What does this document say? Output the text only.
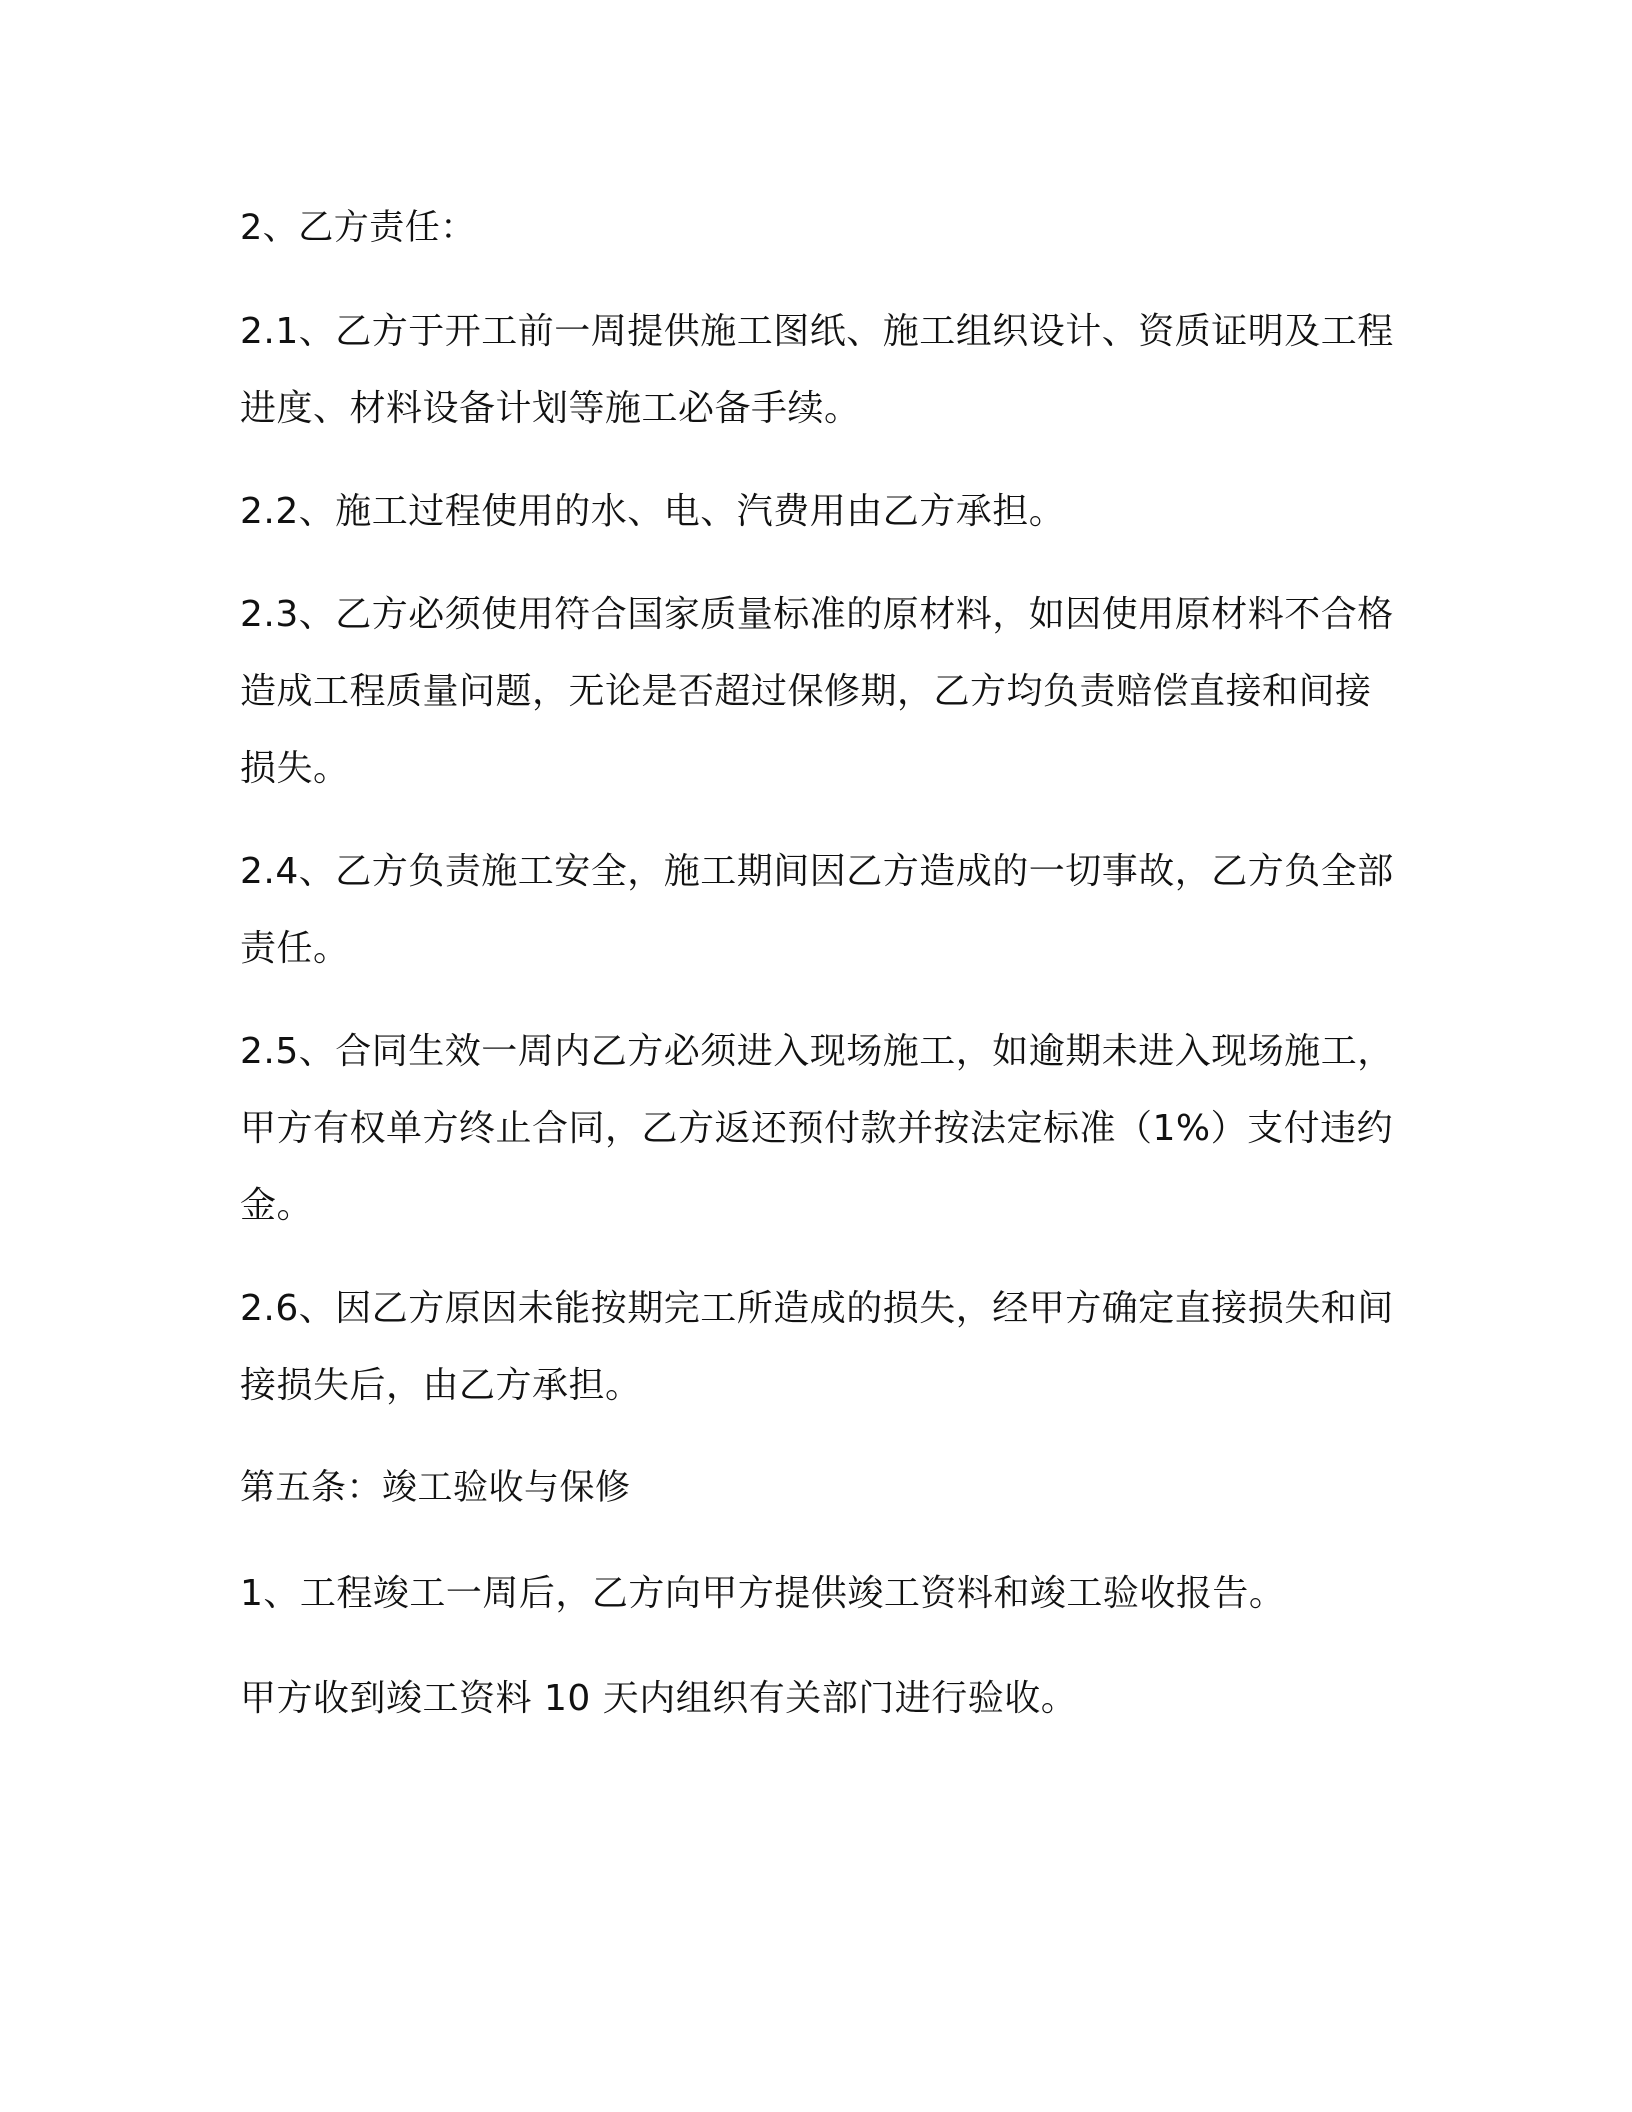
2、乙方责任：

2.1、乙方于开工前一周提供施工图纸、施工组织设计、资质证明及工程进度、材料设备计划等施工必备手续。

2.2、施工过程使用的水、电、汽费用由乙方承担。

2.3、乙方必须使用符合国家质量标准的原材料，如因使用原材料不合格造成工程质量问题，无论是否超过保修期，乙方均负责赔偿直接和间接损失。

2.4、乙方负责施工安全，施工期间因乙方造成的一切事故，乙方负全部责任。

2.5、合同生效一周内乙方必须进入现场施工，如逾期未进入现场施工，甲方有权单方终止合同，乙方返还预付款并按法定标准（1%）支付违约金。

2.6、因乙方原因未能按期完工所造成的损失，经甲方确定直接损失和间接损失后，由乙方承担。

第五条：竣工验收与保修

1、工程竣工一周后，乙方向甲方提供竣工资料和竣工验收报告。

甲方收到竣工资料 10 天内组织有关部门进行验收。
